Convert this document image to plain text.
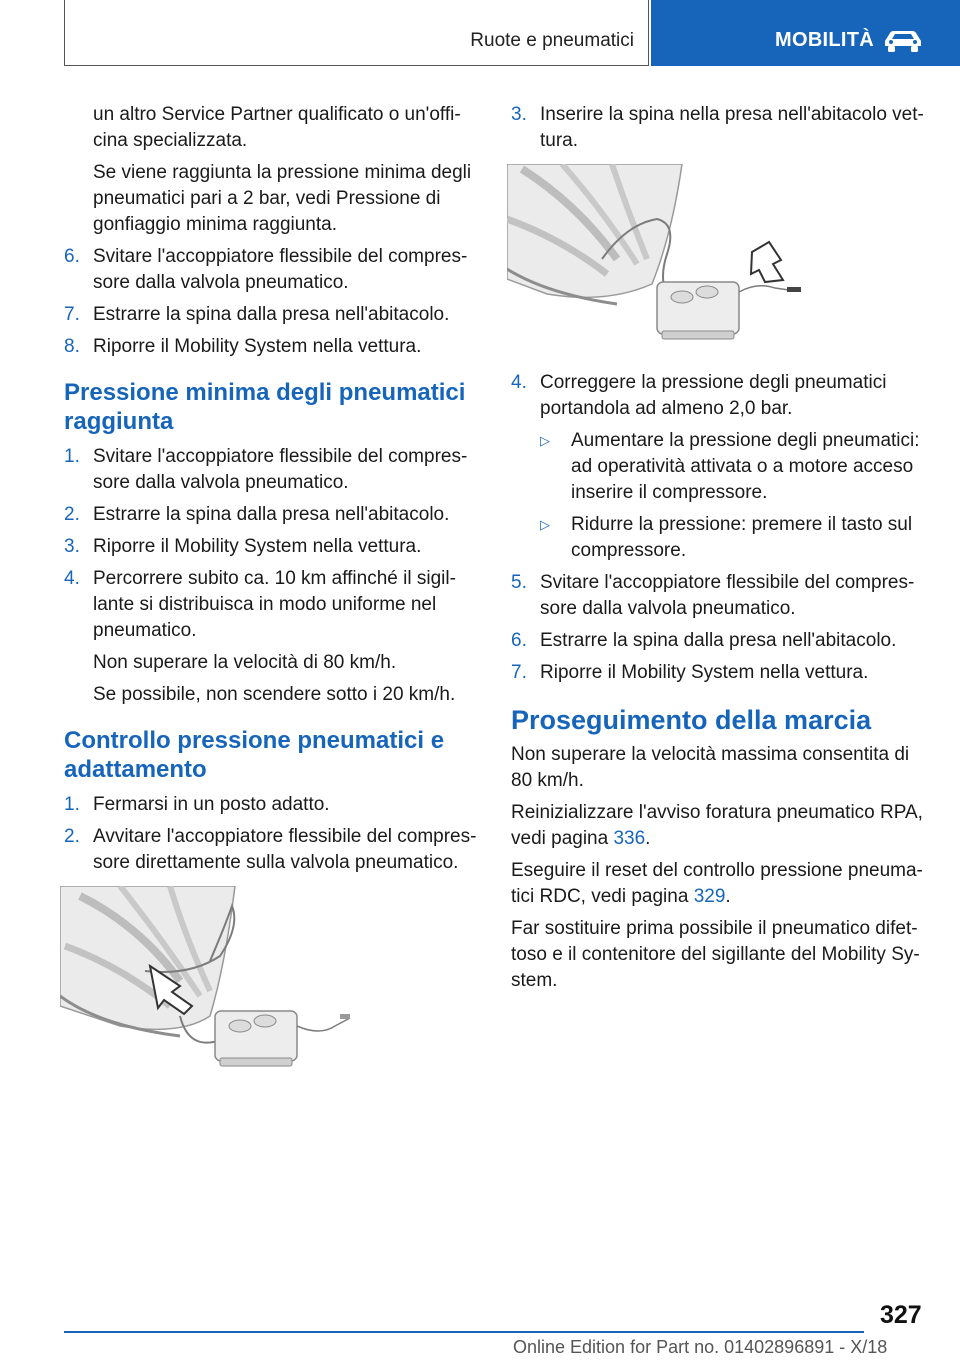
Ruote e pneumatici	MOBILITÀ

un altro Service Partner qualificato o un'offi-cina specializzata.

Se viene raggiunta la pressione minima degli pneumatici pari a 2 bar, vedi Pressione di gonfiaggio minima raggiunta.

6. Svitare l'accoppiatore flessibile del compres-sore dalla valvola pneumatico.
7. Estrarre la spina dalla presa nell'abitacolo.
8. Riporre il Mobility System nella vettura.
Pressione minima degli pneumatici raggiunta
1. Svitare l'accoppiatore flessibile del compres-sore dalla valvola pneumatico.
2. Estrarre la spina dalla presa nell'abitacolo.
3. Riporre il Mobility System nella vettura.
4. Percorrere subito ca. 10 km affinché il sigil-lante si distribuisca in modo uniforme nel pneumatico.

Non superare la velocità di 80 km/h.

Se possibile, non scendere sotto i 20 km/h.

Controllo pressione pneumatici e adattamento
1. Fermarsi in un posto adatto.
2. Avvitare l'accoppiatore flessibile del compres-sore direttamente sulla valvola pneumatico.
3. Inserire la spina nella presa nell'abitacolo vet-tura.
4. Correggere la pressione degli pneumatici portandola ad almeno 2,0 bar.
▷ Aumentare la pressione degli pneumatici: ad operatività attivata o a motore acceso inserire il compressore.
▷ Ridurre la pressione: premere il tasto sul compressore.
5. Svitare l'accoppiatore flessibile del compres-sore dalla valvola pneumatico.
6. Estrarre la spina dalla presa nell'abitacolo.
7. Riporre il Mobility System nella vettura.
Proseguimento della marcia

Non superare la velocità massima consentita di 80 km/h.

Reinizializzare l'avviso foratura pneumatico RPA, vedi pagina 336.

Eseguire il reset del controllo pressione pneuma-tici RDC, vedi pagina 329.

Far sostituire prima possibile il pneumatico difet-toso e il contenitore del sigillante del Mobility Sy-stem.

327
Online Edition for Part no. 01402896891 - X/18
